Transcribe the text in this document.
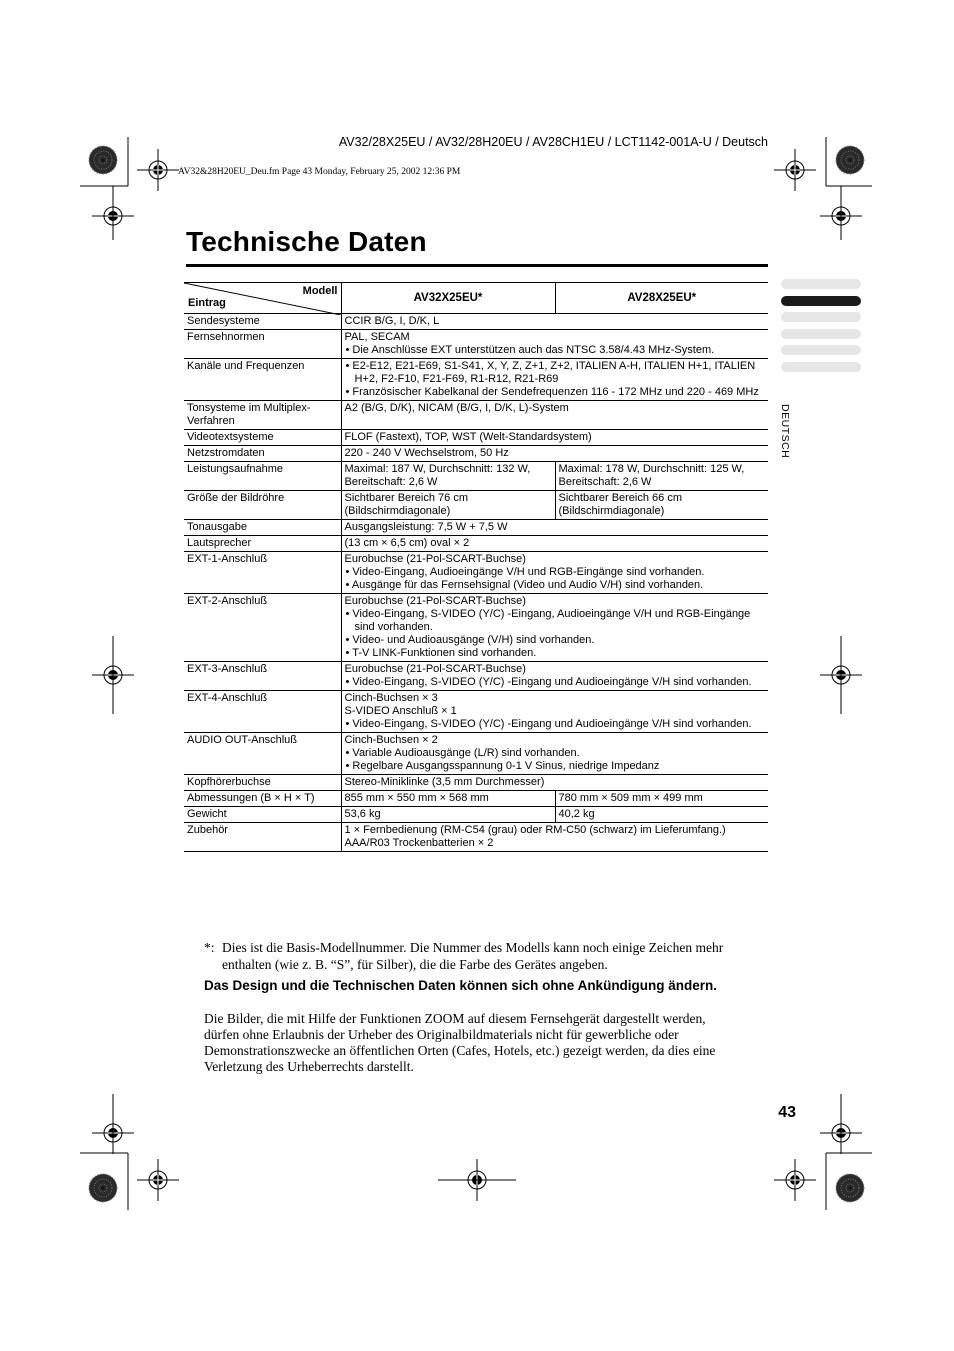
AV32/28X25EU / AV32/28H20EU / AV28CH1EU / LCT1142-001A-U / Deutsch
AV32&28H20EU_Deu.fm Page 43 Monday, February 25, 2002 12:36 PM
Technische Daten
DEUTSCH
Modell
Eintrag	AV32X25EU*	AV28X25EU*
Sendesysteme	CCIR B/G, I, D/K, L	
Fernsehnormen	PAL, SECAM
• Die Anschlüsse EXT unterstützen auch das NTSC 3.58/4.43 MHz-System.	

Kanäle und Frequenzen	• E2-E12, E21-E69, S1-S41, X, Y, Z, Z+1, Z+2, ITALIEN A-H, ITALIEN H+1, ITALIEN H+2, F2-F10, F21-F69, R1-R12, R21-R69
• Französischer Kabelkanal der Sendefrequenzen 116 - 172 MHz und 220 - 469 MHz	

Tonsysteme im Multiplex-Verfahren	A2 (B/G, D/K), NICAM (B/G, I, D/K, L)-System	
Videotextsysteme	FLOF (Fastext), TOP, WST (Welt-Standardsystem)	
Netzstromdaten	220 - 240 V Wechselstrom, 50 Hz	
Leistungsaufnahme	Maximal: 187 W, Durchschnitt: 132 W, Bereitschaft: 2,6 W	Maximal: 178 W, Durchschnitt: 125 W, Bereitschaft: 2,6 W
Größe der Bildröhre	Sichtbarer Bereich 76 cm (Bildschirmdiagonale)	Sichtbarer Bereich 66 cm (Bildschirmdiagonale)
Tonausgabe	Ausgangsleistung: 7,5 W + 7,5 W	
Lautsprecher	(13 cm × 6,5 cm) oval × 2	
EXT-1-Anschluß	Eurobuchse (21-Pol-SCART-Buchse)
• Video-Eingang, Audioeingänge V/H und RGB-Eingänge sind vorhanden.
• Ausgänge für das Fernsehsignal (Video und Audio V/H) sind vorhanden.	

EXT-2-Anschluß	Eurobuchse (21-Pol-SCART-Buchse)
• Video-Eingang, S-VIDEO (Y/C) -Eingang, Audioeingänge V/H und RGB-Eingänge sind vorhanden.
• Video- und Audioausgänge (V/H) sind vorhanden.
• T-V LINK-Funktionen sind vorhanden.	

EXT-3-Anschluß	Eurobuchse (21-Pol-SCART-Buchse)
• Video-Eingang, S-VIDEO (Y/C) -Eingang und Audioeingänge V/H sind vorhanden.	

EXT-4-Anschluß	Cinch-Buchsen × 3
S-VIDEO Anschluß × 1
• Video-Eingang, S-VIDEO (Y/C) -Eingang und Audioeingänge V/H sind vorhanden.	

AUDIO OUT-Anschluß	Cinch-Buchsen × 2
• Variable Audioausgänge (L/R) sind vorhanden.
• Regelbare Ausgangsspannung 0-1 V Sinus, niedrige Impedanz	

Kopfhörerbuchse	Stereo-Miniklinke (3,5 mm Durchmesser)	
Abmessungen (B × H × T)	855 mm × 550 mm × 568 mm	780 mm × 509 mm × 499 mm
Gewicht	53,6 kg	40,2 kg
Zubehör	1 × Fernbedienung (RM-C54 (grau) oder RM-C50 (schwarz) im Lieferumfang.)
AAA/R03 Trockenbatterien × 2	
43
*: Dies ist die Basis-Modellnummer. Die Nummer des Modells kann noch einige Zeichen mehr enthalten (wie z. B. “S”, für Silber), die die Farbe des Gerätes angeben.
Das Design und die Technischen Daten können sich ohne Ankündigung ändern.
Die Bilder, die mit Hilfe der Funktionen ZOOM auf diesem Fernsehgerät dargestellt werden,
dürfen ohne Erlaubnis der Urheber des Originalbildmaterials nicht für gewerbliche oder
Demonstrationszwecke an öffentlichen Orten (Cafes, Hotels, etc.) gezeigt werden, da dies eine
Verletzung des Urheberrechts darstellt.
